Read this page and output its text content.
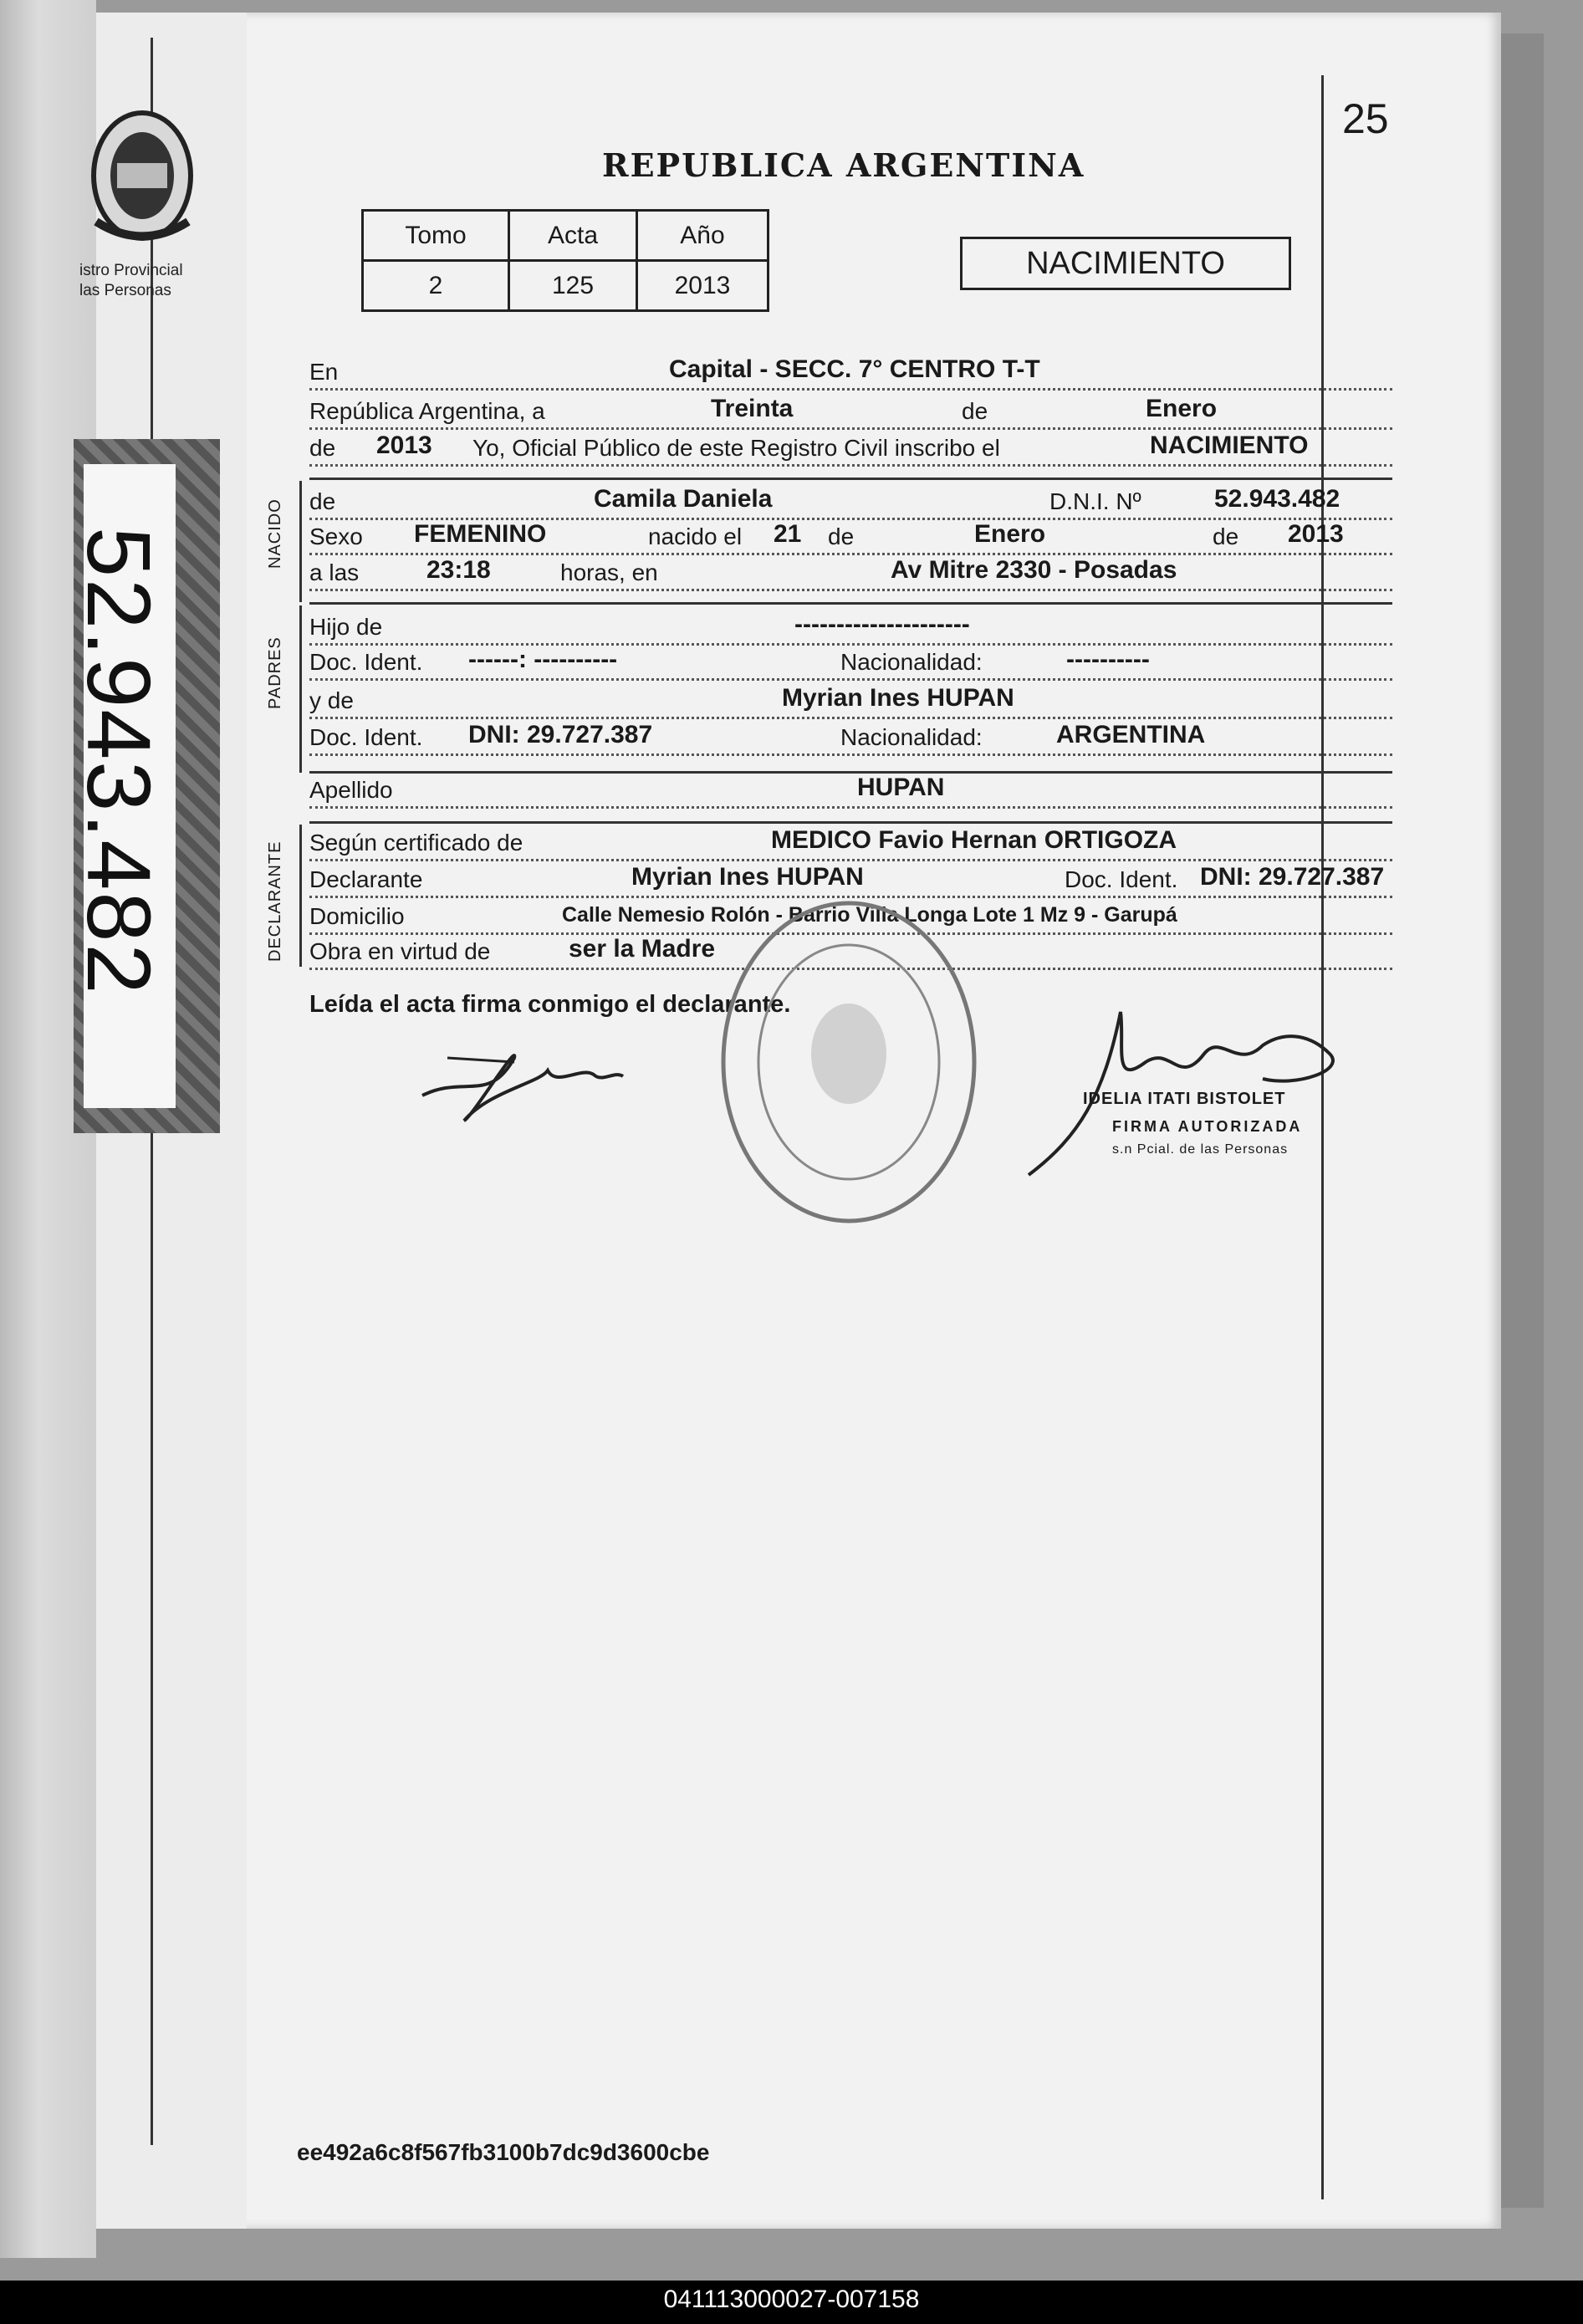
istro Provincial
las Personas
52.943.482
25
REPUBLICA ARGENTINA
Tomo	Acta	Año
2	125	2013
NACIMIENTO
En	Capital - SECC. 7° CENTRO T-T
República Argentina, a	Treinta	de	Enero
de 2013 Yo, Oficial Público de este Registro Civil inscribo el	NACIMIENTO
NACIDO de	Camila Daniela	D.N.I. Nº	52.943.482
Sexo FEMENINO	nacido el 21 de	Enero	de 2013
a las	23:18	horas, en	Av Mitre 2330 - Posadas
PADRES
Hijo de	---------------------
Doc. Ident. ------: ----------	Nacionalidad:	----------
y de	Myrian Ines HUPAN
Doc. Ident. DNI: 29.727.387	Nacionalidad:	ARGENTINA
Apellido	HUPAN
DECLARANTE Según certificado de	MEDICO Favio Hernan ORTIGOZA
Declarante	Myrian Ines HUPAN	Doc. Ident. DNI: 29.727.387
Domicilio	Calle Nemesio Rolón - Barrio Villa Longa Lote 1 Mz 9 - Garupá
Obra en virtud de	ser la Madre
Leída el acta firma conmigo el declarante.
IDELIA ITATI BISTOLET
FIRMA AUTORIZADA
s.n Pcial. de las Personas
ee492a6c8f567fb3100b7dc9d3600cbe
041113000027-007158
